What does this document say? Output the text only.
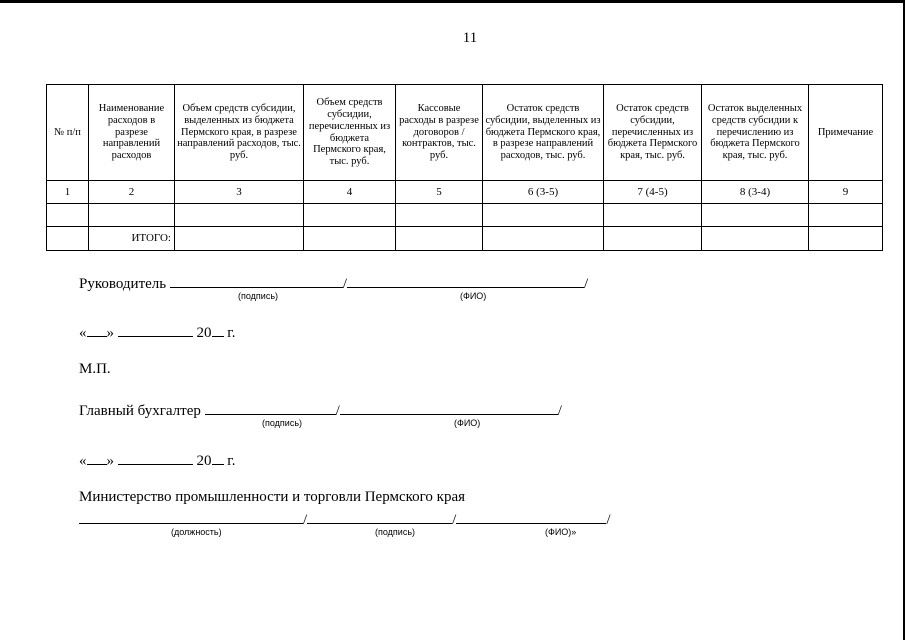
11
№ п/п	Наименование расходов в разрезе направлений расходов	Объем средств субсидии, выделенных из бюджета Пермского края, в разрезе направлений расходов, тыс. руб.	Объем средств субсидии, перечисленных из бюджета Пермского края, тыс. руб.	Кассовые расходы в разрезе договоров / контрактов, тыс. руб.	Остаток средств субсидии, выделенных из бюджета Пермского края, в разрезе направлений расходов, тыс. руб.	Остаток средств субсидии, перечисленных из бюджета Пермского края, тыс. руб.	Остаток выделенных средств субсидии к перечислению из бюджета Пермского края, тыс. руб.	Примечание
1	2	3	4	5	6 (3-5)	7 (4-5)	8 (3-4)	9

	ИТОГО:							
Руководитель	/	/
(подпись)	(ФИО)
« »	20 г.
М.П.
Главный бухгалтер	/	/
(подпись)	(ФИО)
« »	20 г.
Министерство промышленности и торговли Пермского края
/	/	/
(должность)	(подпись)	(ФИО)»
